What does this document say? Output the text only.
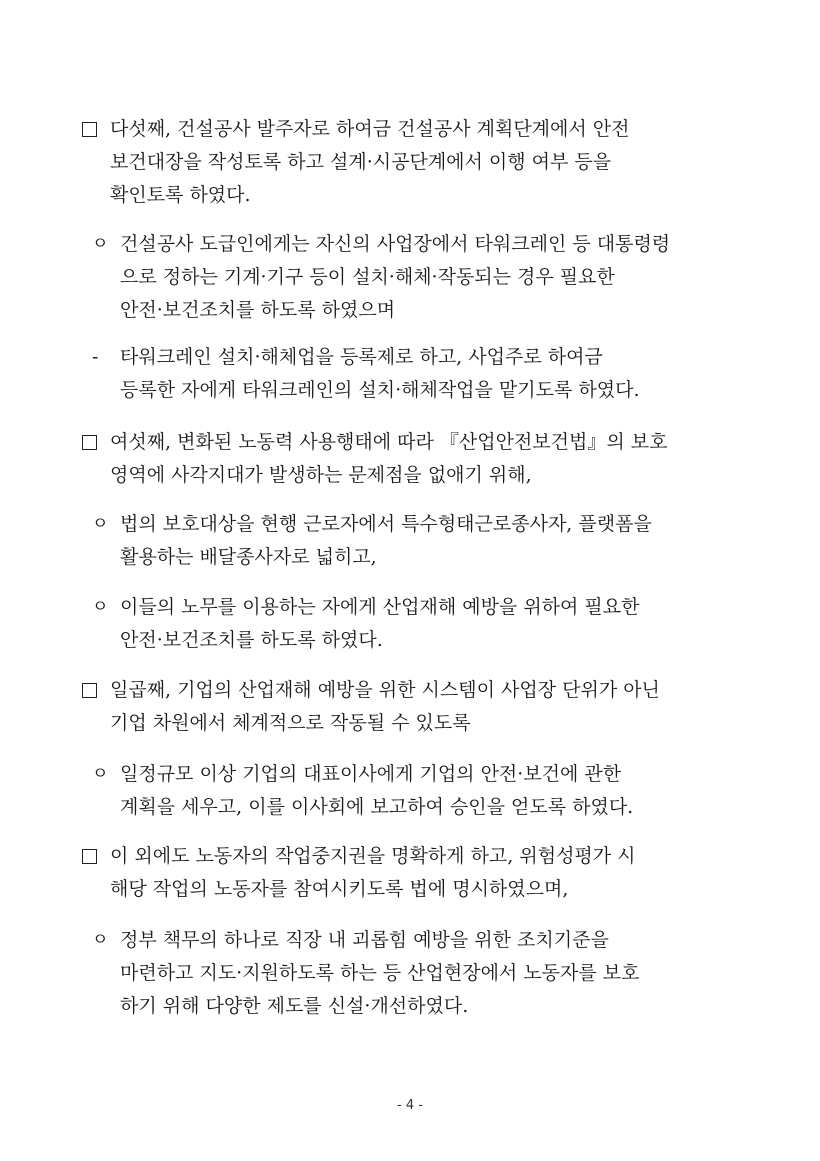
다섯째, 건설공사 발주자로 하여금 건설공사 계획단계에서 안전
보건대장을 작성토록 하고 설계·시공단계에서 이행 여부 등을
확인토록 하였다.
ㅇ 건설공사 도급인에게는 자신의 사업장에서 타워크레인 등 대통령령
으로 정하는 기계·기구 등이 설치·해체·작동되는 경우 필요한
안전·보건조치를 하도록 하였으며
- 타워크레인 설치·해체업을 등록제로 하고, 사업주로 하여금
등록한 자에게 타워크레인의 설치·해체작업을 맡기도록 하였다.
여섯째, 변화된 노동력 사용행태에 따라 『산업안전보건법』의 보호
영역에 사각지대가 발생하는 문제점을 없애기 위해,
ㅇ 법의 보호대상을 현행 근로자에서 특수형태근로종사자, 플랫폼을
활용하는 배달종사자로 넓히고,
ㅇ 이들의 노무를 이용하는 자에게 산업재해 예방을 위하여 필요한
안전·보건조치를 하도록 하였다.
일곱째, 기업의 산업재해 예방을 위한 시스템이 사업장 단위가 아닌
기업 차원에서 체계적으로 작동될 수 있도록
ㅇ 일정규모 이상 기업의 대표이사에게 기업의 안전·보건에 관한
계획을 세우고, 이를 이사회에 보고하여 승인을 얻도록 하였다.
이 외에도 노동자의 작업중지권을 명확하게 하고, 위험성평가 시
해당 작업의 노동자를 참여시키도록 법에 명시하였으며,
ㅇ 정부 책무의 하나로 직장 내 괴롭힘 예방을 위한 조치기준을
마련하고 지도·지원하도록 하는 등 산업현장에서 노동자를 보호
하기 위해 다양한 제도를 신설·개선하였다.
- 4 -
